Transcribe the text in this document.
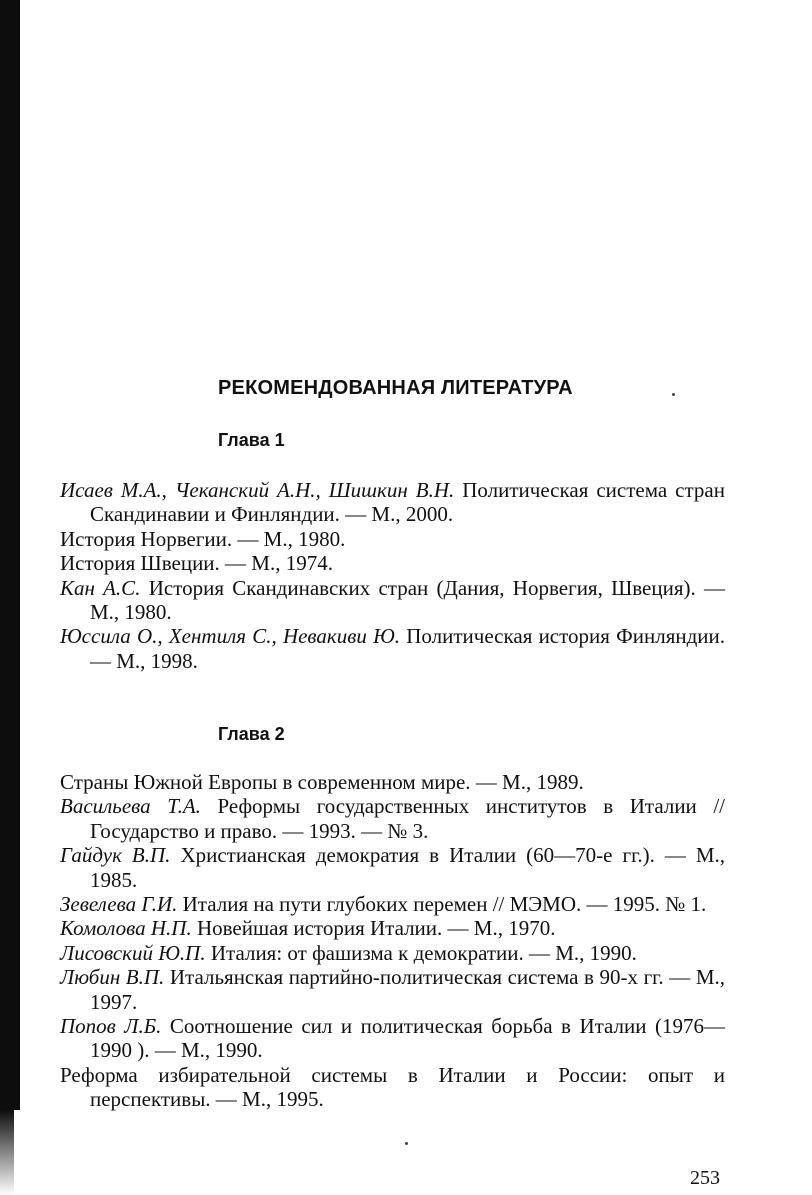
РЕКОМЕНДОВАННАЯ ЛИТЕРАТУРА
Глава 1

Исаев М.А., Чеканский А.Н., Шишкин В.Н. Политическая система стран Скандинавии и Финляндии. — М., 2000.

История Норвегии. — М., 1980.

История Швеции. — М., 1974.

Кан А.С. История Скандинавских стран (Дания, Норвегия, Швеция). — М., 1980.

Юссила О., Хентиля С., Невакиви Ю. Политическая история Финляндии. — М., 1998.

Глава 2

Страны Южной Европы в современном мире. — М., 1989.

Васильева Т.А. Реформы государственных институтов в Италии // Государство и право. — 1993. — № 3.

Гайдук В.П. Христианская демократия в Италии (60—70-е гг.). — М., 1985.

Зевелева Г.И. Италия на пути глубоких перемен // МЭМО. — 1995. № 1.

Комолова Н.П. Новейшая история Италии. — М., 1970.

Лисовский Ю.П. Италия: от фашизма к демократии. — М., 1990.

Любин В.П. Итальянская партийно-политическая система в 90-х гг. — М., 1997.

Попов Л.Б. Соотношение сил и политическая борьба в Италии (1976—1990 ). — М., 1990.

Реформа избирательной системы в Италии и России: опыт и перспективы. — М., 1995.

253
